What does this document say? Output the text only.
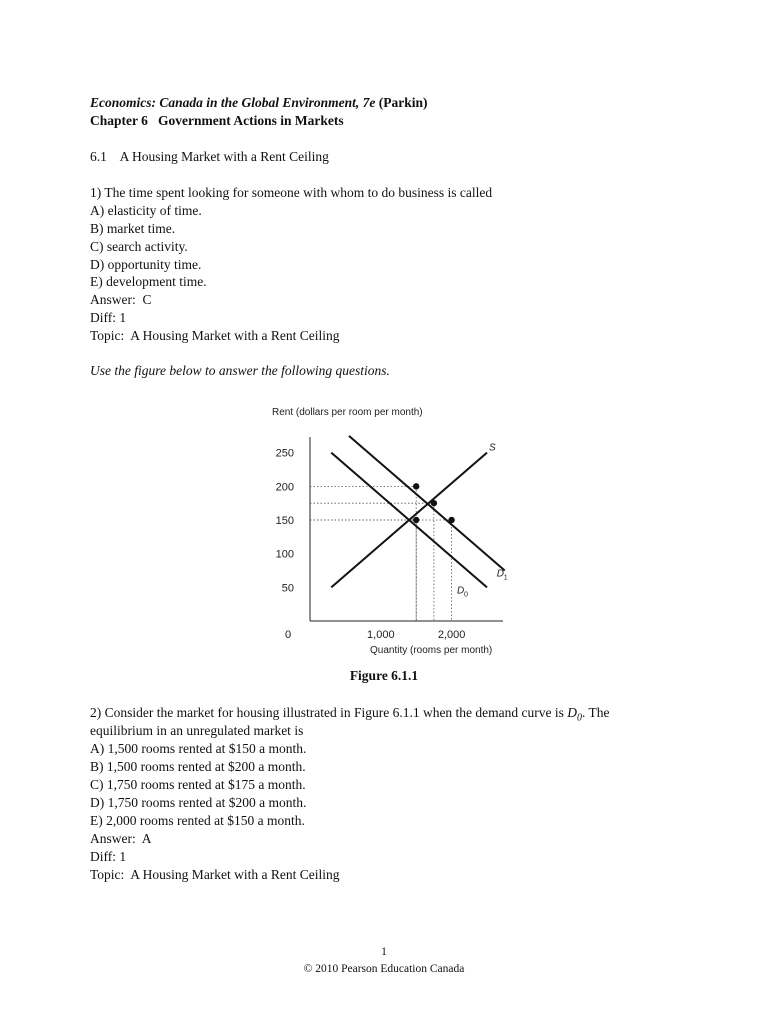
Economics: Canada in the Global Environment, 7e (Parkin)
Chapter 6   Government Actions in Markets
6.1    A Housing Market with a Rent Ceiling
1) The time spent looking for someone with whom to do business is called
A) elasticity of time.
B) market time.
C) search activity.
D) opportunity time.
E) development time.
Answer:  C
Diff: 1
Topic:  A Housing Market with a Rent Ceiling
Use the figure below to answer the following questions.
Rent (dollars per room per month)
Quantity (rooms per month)
250
200
150
100
50
0	1,000	2,000
S
D 0
D 1
Figure 6.1.1
2) Consider the market for housing illustrated in Figure 6.1.1 when the demand curve is $D_0$. The
equilibrium in an unregulated market is
A) 1,500 rooms rented at $150 a month.
B) 1,500 rooms rented at $200 a month.
C) 1,750 rooms rented at $175 a month.
D) 1,750 rooms rented at $200 a month.
E) 2,000 rooms rented at $150 a month.
Answer:  A
Diff: 1
Topic:  A Housing Market with a Rent Ceiling
1
© 2010 Pearson Education Canada
